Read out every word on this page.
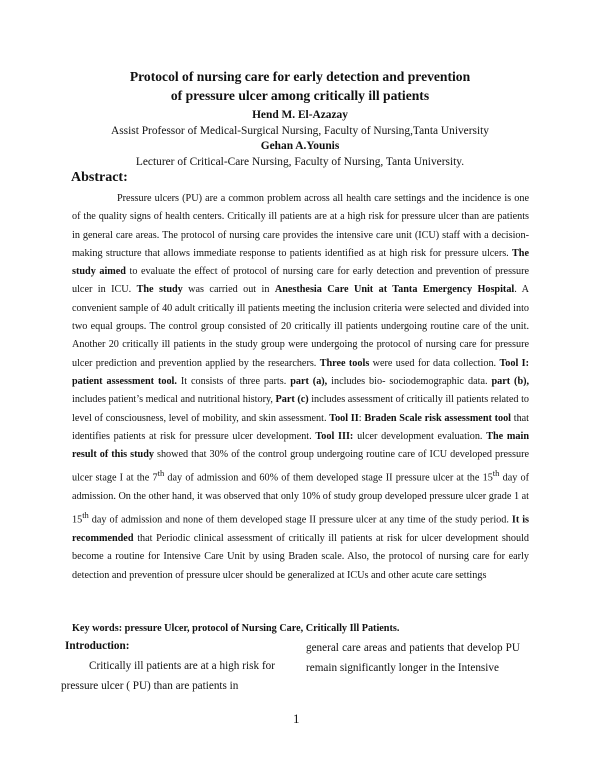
Protocol of nursing care for early detection and prevention
of pressure ulcer among critically ill patients
Hend M. El-Azazay
Assist Professor of Medical-Surgical Nursing, Faculty of Nursing,Tanta University
Gehan A.Younis
Lecturer of Critical-Care Nursing, Faculty of Nursing, Tanta University.
Abstract:

Pressure ulcers (PU) are a common problem across all health care settings and the incidence is one of the quality signs of health centers. Critically ill patients are at a high risk for pressure ulcer than are patients in general care areas. The protocol of nursing care provides the intensive care unit (ICU) staff with a decision-making structure that allows immediate response to patients identified as at high risk for pressure ulcers. The study aimed to evaluate the effect of protocol of nursing care for early detection and prevention of pressure ulcer in ICU. The study was carried out in Anesthesia Care Unit at Tanta Emergency Hospital. A convenient sample of 40 adult critically ill patients meeting the inclusion criteria were selected and divided into two equal groups. The control group consisted of 20 critically ill patients undergoing routine care of the unit. Another 20 critically ill patients in the study group were undergoing the protocol of nursing care for pressure ulcer prediction and prevention applied by the researchers. Three tools were used for data collection. Tool I: patient assessment tool. It consists of three parts. part (a), includes bio- sociodemographic data. part (b), includes patient’s medical and nutritional history, Part (c) includes assessment of critically ill patients related to level of consciousness, level of mobility, and skin assessment. Tool II: Braden Scale risk assessment tool that identifies patients at risk for pressure ulcer development. Tool III: ulcer development evaluation. The main result of this study showed that 30% of the control group undergoing routine care of ICU developed pressure ulcer stage I at the 7th day of admission and 60% of them developed stage II pressure ulcer at the 15th day of admission. On the other hand, it was observed that only 10% of study group developed pressure ulcer grade 1 at 15th day of admission and none of them developed stage II pressure ulcer at any time of the study period. It is recommended that Periodic clinical assessment of critically ill patients at risk for ulcer development should become a routine for Intensive Care Unit by using Braden scale. Also, the protocol of nursing care for early detection and prevention of pressure ulcer should be generalized at ICUs and other acute care settings

Key words: pressure Ulcer, protocol of Nursing Care, Critically Ill Patients.

Introduction:

Critically ill patients are at a high risk for pressure ulcer ( PU) than are patients in

general care areas and patients that develop PU remain significantly longer in the Intensive

1
